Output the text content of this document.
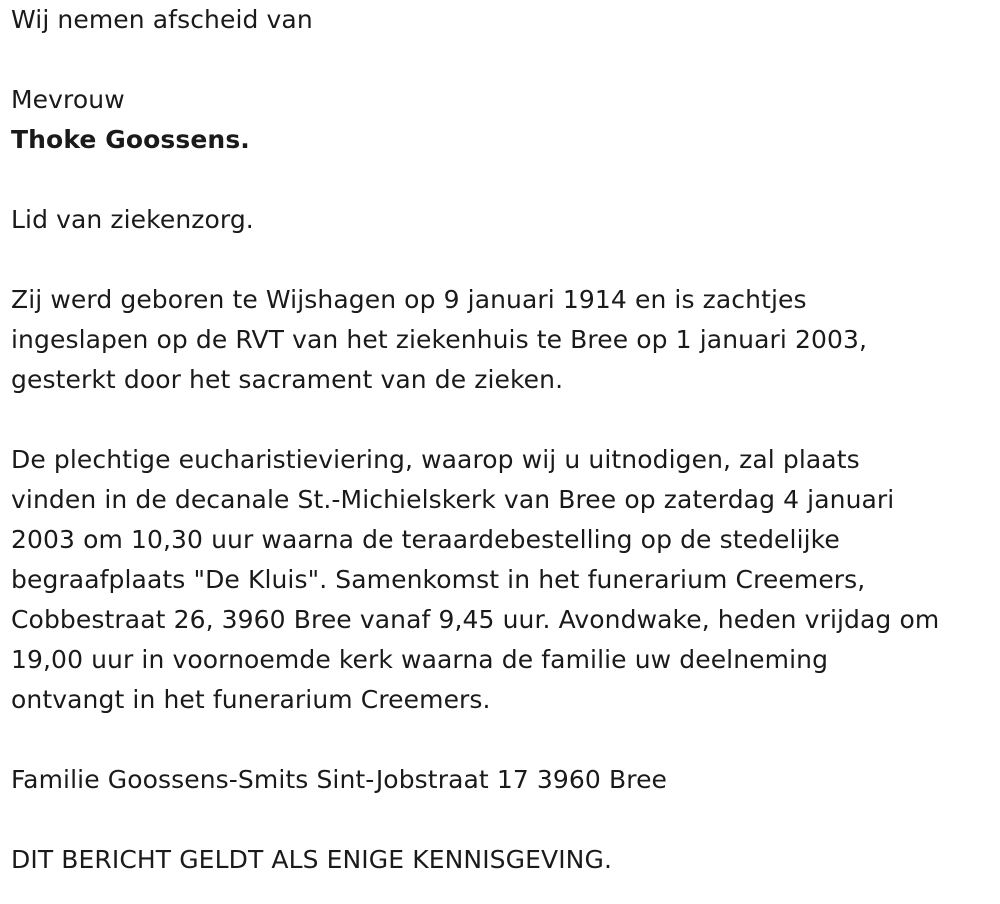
Wij nemen afscheid van
Mevrouw
Thoke Goossens.
Lid van ziekenzorg.
Zij werd geboren te Wijshagen op 9 januari 1914 en is zachtjes
ingeslapen op de RVT van het ziekenhuis te Bree op 1 januari 2003,
gesterkt door het sacrament van de zieken.
De plechtige eucharistieviering, waarop wij u uitnodigen, zal plaats
vinden in de decanale St.-Michielskerk van Bree op zaterdag 4 januari
2003 om 10,30 uur waarna de teraardebestelling op de stedelijke
begraafplaats "De Kluis". Samenkomst in het funerarium Creemers,
Cobbestraat 26, 3960 Bree vanaf 9,45 uur. Avondwake, heden vrijdag om
19,00 uur in voornoemde kerk waarna de familie uw deelneming
ontvangt in het funerarium Creemers.
Familie Goossens-Smits Sint-Jobstraat 17 3960 Bree
DIT BERICHT GELDT ALS ENIGE KENNISGEVING.
